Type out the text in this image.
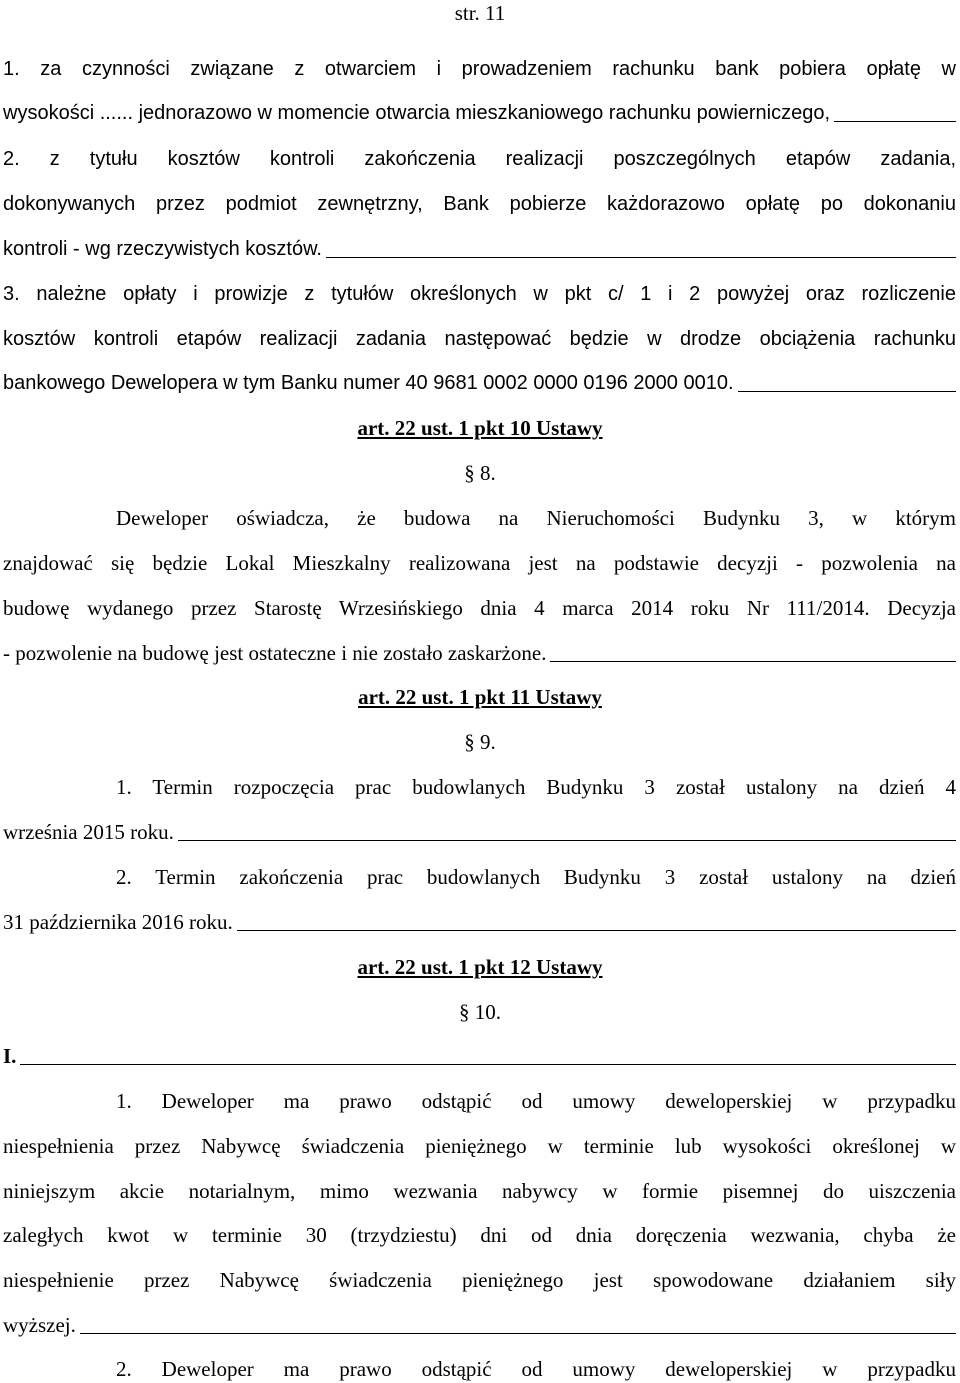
str. 11
1. za czynności związane z otwarciem i prowadzeniem rachunku bank pobiera opłatę w
wysokości ...... jednorazowo w momencie otwarcia mieszkaniowego rachunku powierniczego,
2. z tytułu kosztów kontroli zakończenia realizacji poszczególnych etapów zadania,
dokonywanych przez podmiot zewnętrzny, Bank pobierze każdorazowo opłatę po dokonaniu
kontroli - wg rzeczywistych kosztów.
3. należne opłaty i prowizje z tytułów określonych w pkt c/ 1 i 2 powyżej oraz rozliczenie
kosztów kontroli etapów realizacji zadania następować będzie w drodze obciążenia rachunku
bankowego Dewelopera w tym Banku numer 40 9681 0002 0000 0196 2000 0010.
art. 22 ust. 1 pkt 10 Ustawy
§ 8.
Deweloper oświadcza, że budowa na Nieruchomości Budynku 3, w którym
znajdować się będzie Lokal Mieszkalny realizowana jest na podstawie decyzji - pozwolenia na
budowę wydanego przez Starostę Wrzesińskiego dnia 4 marca 2014 roku Nr 111/2014. Decyzja
- pozwolenie na budowę jest ostateczne i nie zostało zaskarżone.
art. 22 ust. 1 pkt 11 Ustawy
§ 9.
1. Termin rozpoczęcia prac budowlanych Budynku 3 został ustalony na dzień 4
września 2015 roku.
2. Termin zakończenia prac budowlanych Budynku 3 został ustalony na dzień
31 października 2016 roku.
art. 22 ust. 1 pkt 12 Ustawy
§ 10.
I.
1. Deweloper ma prawo odstąpić od umowy deweloperskiej w przypadku
niespełnienia przez Nabywcę świadczenia pieniężnego w terminie lub wysokości określonej w
niniejszym akcie notarialnym, mimo wezwania nabywcy w formie pisemnej do uiszczenia
zaległych kwot w terminie 30 (trzydziestu) dni od dnia doręczenia wezwania, chyba że
niespełnienie przez Nabywcę świadczenia pieniężnego jest spowodowane działaniem siły
wyższej.
2. Deweloper ma prawo odstąpić od umowy deweloperskiej w przypadku
